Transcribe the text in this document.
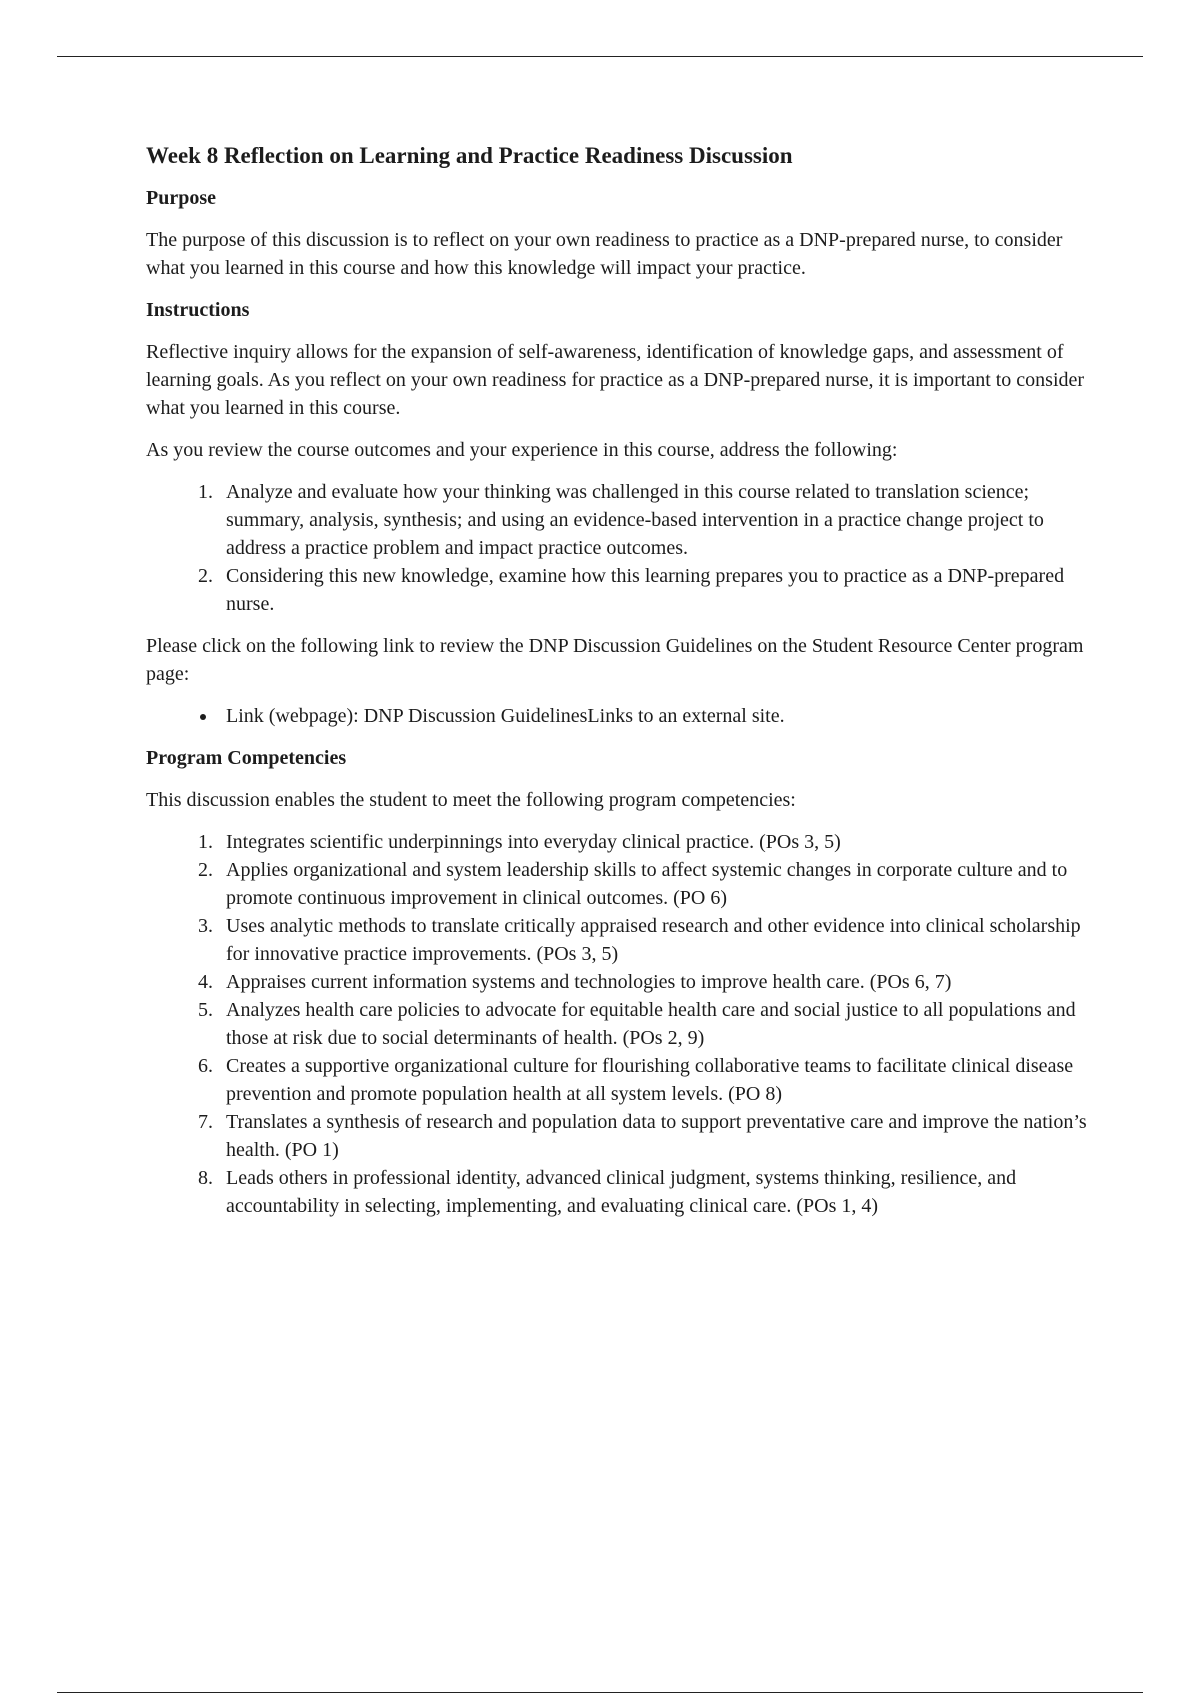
Week 8 Reflection on Learning and Practice Readiness Discussion
Purpose

The purpose of this discussion is to reflect on your own readiness to practice as a DNP-prepared nurse, to consider what you learned in this course and how this knowledge will impact your practice.

Instructions

Reflective inquiry allows for the expansion of self-awareness, identification of knowledge gaps, and assessment of learning goals. As you reflect on your own readiness for practice as a DNP-prepared nurse, it is important to consider what you learned in this course.

As you review the course outcomes and your experience in this course, address the following:

1. Analyze and evaluate how your thinking was challenged in this course related to translation science; summary, analysis, synthesis; and using an evidence-based intervention in a practice change project to address a practice problem and impact practice outcomes.
2. Considering this new knowledge, examine how this learning prepares you to practice as a DNP-prepared nurse.

Please click on the following link to review the DNP Discussion Guidelines on the Student Resource Center program page:

• Link (webpage): DNP Discussion GuidelinesLinks to an external site.
Program Competencies

This discussion enables the student to meet the following program competencies:

1. Integrates scientific underpinnings into everyday clinical practice. (POs 3, 5)
2. Applies organizational and system leadership skills to affect systemic changes in corporate culture and to promote continuous improvement in clinical outcomes. (PO 6)
3. Uses analytic methods to translate critically appraised research and other evidence into clinical scholarship for innovative practice improvements. (POs 3, 5)
4. Appraises current information systems and technologies to improve health care. (POs 6, 7)
5. Analyzes health care policies to advocate for equitable health care and social justice to all populations and those at risk due to social determinants of health. (POs 2, 9)
6. Creates a supportive organizational culture for flourishing collaborative teams to facilitate clinical disease prevention and promote population health at all system levels. (PO 8)
7. Translates a synthesis of research and population data to support preventative care and improve the nation’s health. (PO 1)
8. Leads others in professional identity, advanced clinical judgment, systems thinking, resilience, and accountability in selecting, implementing, and evaluating clinical care. (POs 1, 4)
